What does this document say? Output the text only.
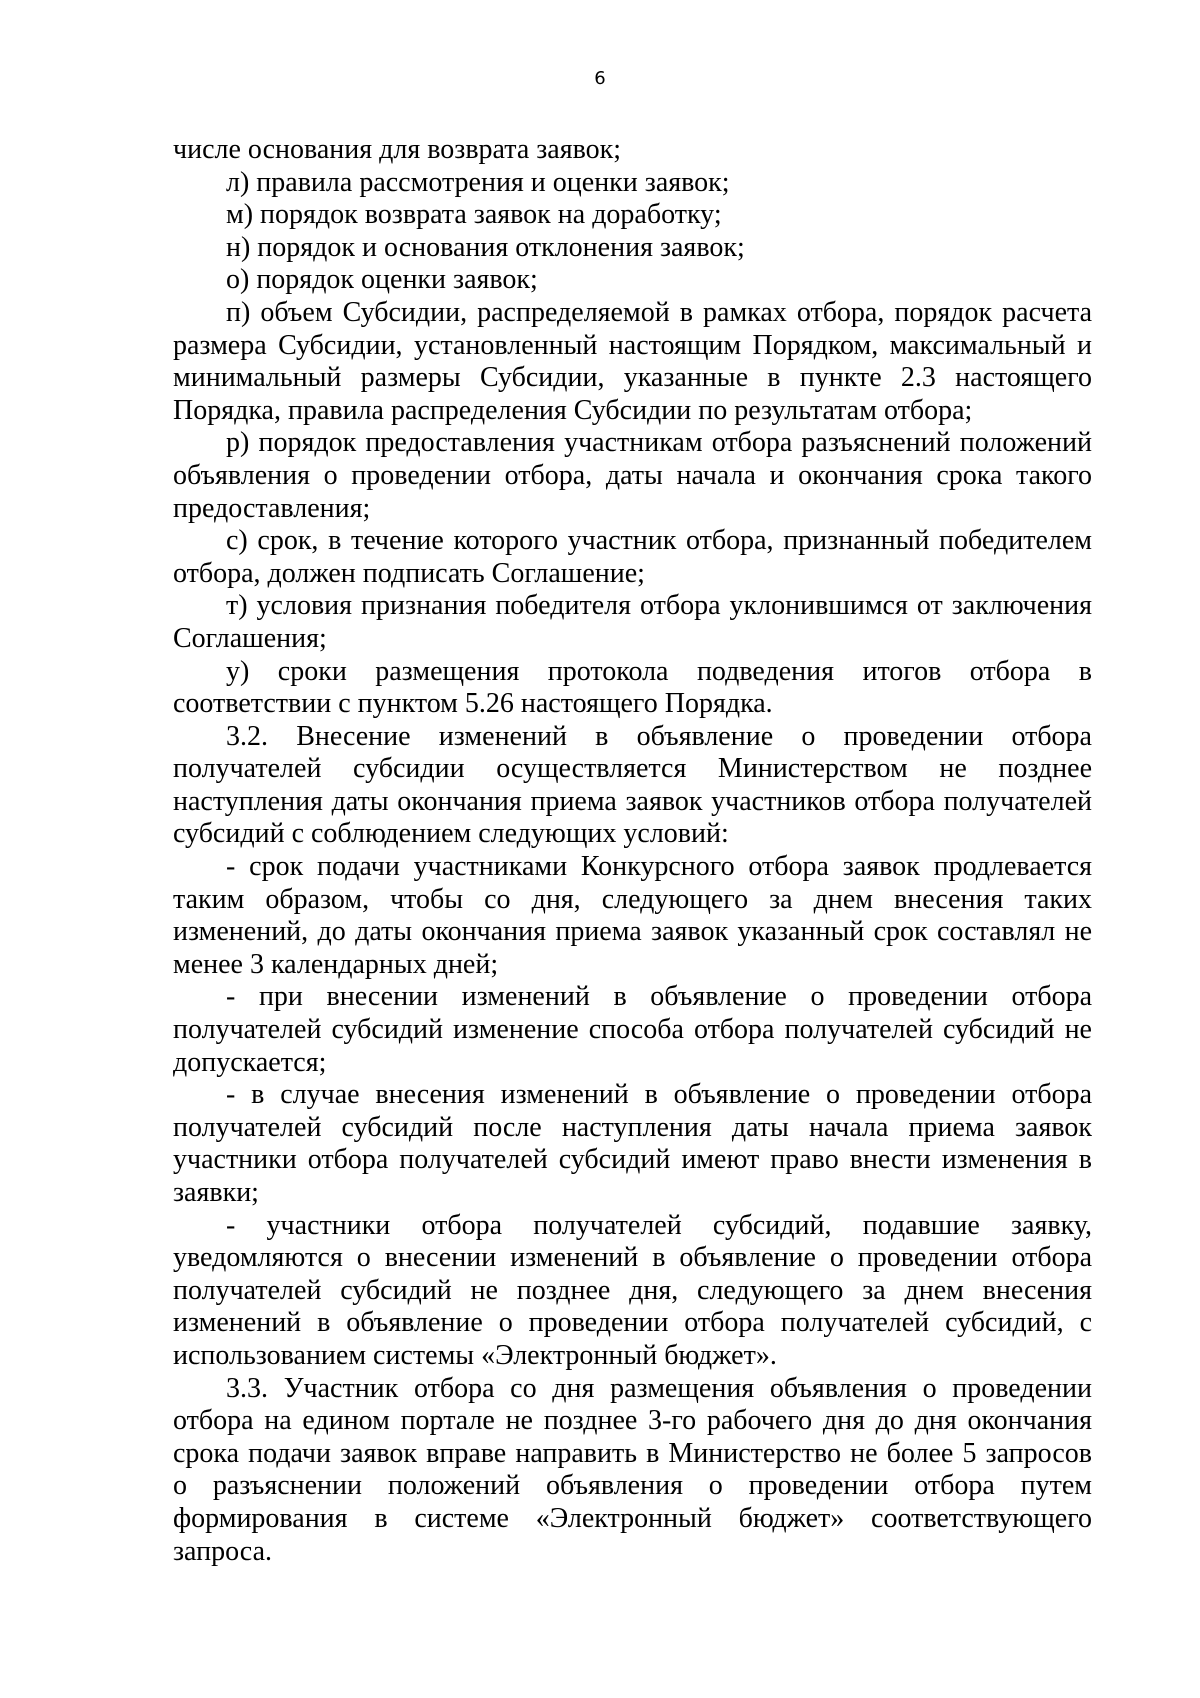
6

числе основания для возврата заявок;

л) правила рассмотрения и оценки заявок;

м) порядок возврата заявок на доработку;

н) порядок и основания отклонения заявок;

о) порядок оценки заявок;

п) объем Субсидии, распределяемой в рамках отбора, порядок расчета размера Субсидии, установленный настоящим Порядком, максимальный и минимальный размеры Субсидии, указанные в пункте 2.3 настоящего Порядка, правила распределения Субсидии по результатам отбора;

р) порядок предоставления участникам отбора разъяснений положений объявления о проведении отбора, даты начала и окончания срока такого предоставления;

с) срок, в течение которого участник отбора, признанный победителем отбора, должен подписать Соглашение;

т) условия признания победителя отбора уклонившимся от заключения Соглашения;

у) сроки размещения протокола подведения итогов отбора в соответствии с пунктом 5.26 настоящего Порядка.

3.2. Внесение изменений в объявление о проведении отбора получателей субсидии осуществляется Министерством не позднее наступления даты окончания приема заявок участников отбора получателей субсидий с соблюдением следующих условий:

- срок подачи участниками Конкурсного отбора заявок продлевается таким образом, чтобы со дня, следующего за днем внесения таких изменений, до даты окончания приема заявок указанный срок составлял не менее 3 календарных дней;

- при внесении изменений в объявление о проведении отбора получателей субсидий изменение способа отбора получателей субсидий не допускается;

- в случае внесения изменений в объявление о проведении отбора получателей субсидий после наступления даты начала приема заявок участники отбора получателей субсидий имеют право внести изменения в заявки;

- участники отбора получателей субсидий, подавшие заявку, уведомляются о внесении изменений в объявление о проведении отбора получателей субсидий не позднее дня, следующего за днем внесения изменений в объявление о проведении отбора получателей субсидий, с использованием системы «Электронный бюджет».

3.3. Участник отбора со дня размещения объявления о проведении отбора на едином портале не позднее 3-го рабочего дня до дня окончания срока подачи заявок вправе направить в Министерство не более 5 запросов о разъяснении положений объявления о проведении отбора путем формирования в системе «Электронный бюджет» соответствующего запроса.
